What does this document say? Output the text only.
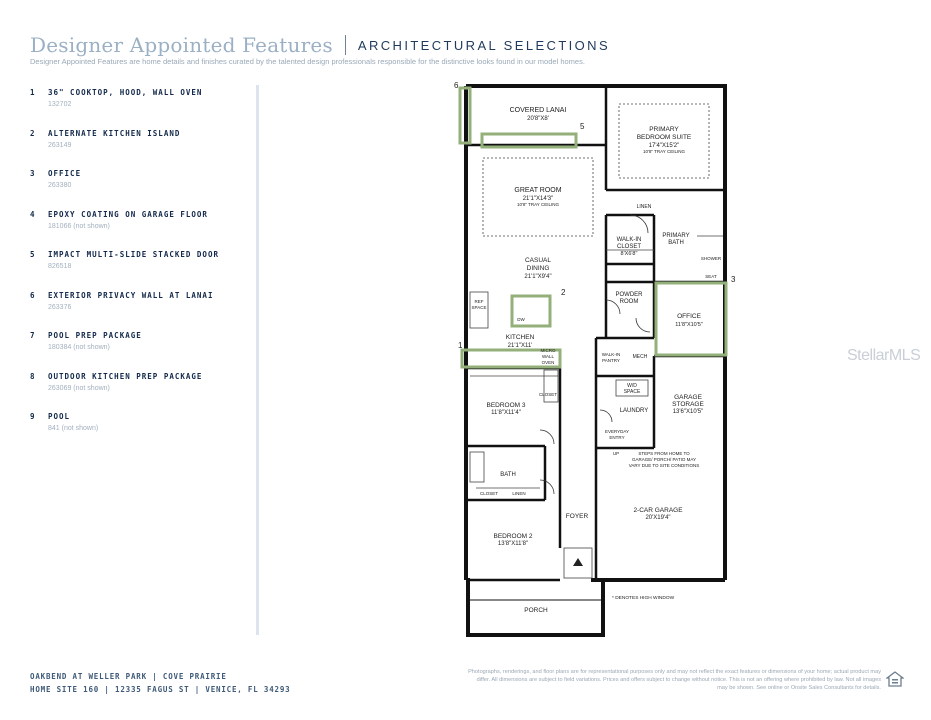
Designer Appointed Features ARCHITECTURAL SELECTIONS
Designer Appointed Features are home details and finishes curated by the talented design professionals responsible for the distinctive looks found in our model homes.
1	36" COOKTOP, HOOD, WALL OVEN
132702
2	ALTERNATE KITCHEN ISLAND
263149
3	OFFICE
263380
4	EPOXY COATING ON GARAGE FLOOR
181066 (not shown)
5	IMPACT MULTI-SLIDE STACKED DOOR
826518
6	EXTERIOR PRIVACY WALL AT LANAI
263376
7	POOL PREP PACKAGE
180384 (not shown)
8	OUTDOOR KITCHEN PREP PACKAGE
263069 (not shown)
9	POOL
841 (not shown)
1
2
3
5
6
COVERED LANAI
20'8"X8'
PRIMARY
BEDROOM SUITE
17'4"X15'2"
10'8" TRAY CEILING
GREAT ROOM
21'1"X14'3"
10'8" TRAY CEILING	LINEN
WALK-IN
CLOSET
8'X6'8"
PRIMARY
BATH
SHOWER
SEAT
CASUAL
DINING
21'1"X9'4"
POWDER
ROOM
OFFICE
11'8"X10'5"
REF
SPACE
DW
KITCHEN
21'1"X11'
MICRO
WALL
OVEN
WALK-IN
PANTRY
MECH
W/D
SPACE
BEDROOM 3
11'8"X11'4"
CLOSET
LAUNDRY
GARAGE
STORAGE
13'6"X10'5"
EVERYDAY
ENTRY
STEPS FROM HOME TO
GARAGE/ PORCH/ PATIO MAY
VARY DUE TO SITE CONDITIONS
UP
BATH
CLOSET	LINEN
2-CAR GARAGE
20'X19'4"
FOYER
BEDROOM 2
13'8"X11'8"
PORCH
* DENOTES HIGH WINDOW
StellarMLS
OAKBEND AT WELLER PARK | COVE PRAIRIE
HOME SITE 160 | 12335 FAGUS ST | VENICE, FL 34293
Photographs, renderings, and floor plans are for representational purposes only and may not reflect the exact features or dimensions of your home; actual product may differ. All dimensions are subject to field variations. Prices and offers subject to change without notice. This is not an offering where prohibited by law. Not all images may be shown. See online or Onsite Sales Consultants for details.
